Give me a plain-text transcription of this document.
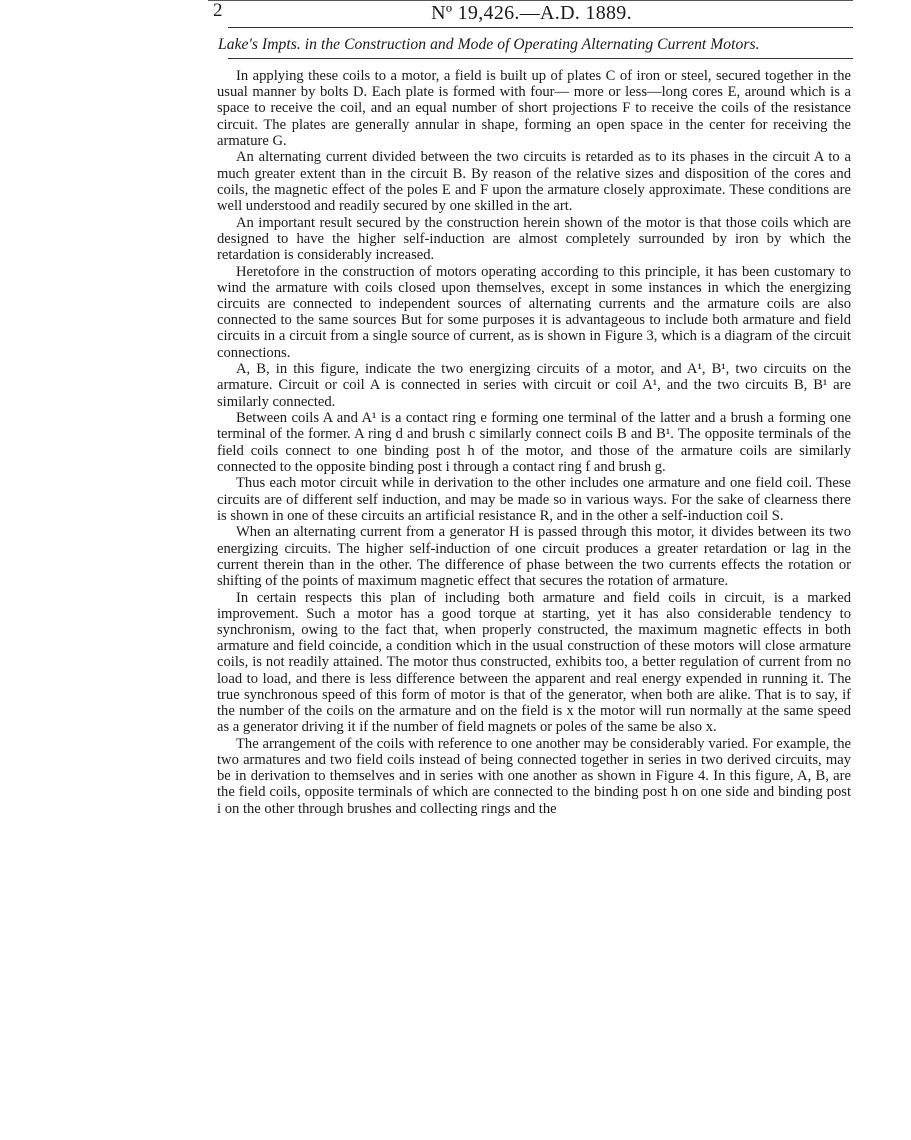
2	Nº 19,426.—A.D. 1889.
Lake's Impts. in the Construction and Mode of Operating Alternating Current Motors.

In applying these coils to a motor, a field is built up of plates C of iron or steel, secured together in the usual manner by bolts D. Each plate is formed with four— more or less—long cores E, around which is a space to receive the coil, and an equal number of short projections F to receive the coils of the resistance circuit. The plates are generally annular in shape, forming an open space in the center for receiving the armature G.

An alternating current divided between the two circuits is retarded as to its phases in the circuit A to a much greater extent than in the circuit B. By reason of the relative sizes and disposition of the cores and coils, the magnetic effect of the poles E and F upon the armature closely approximate. These conditions are well understood and readily secured by one skilled in the art.

An important result secured by the construction herein shown of the motor is that those coils which are designed to have the higher self-induction are almost completely surrounded by iron by which the retardation is considerably increased.

Heretofore in the construction of motors operating according to this principle, it has been customary to wind the armature with coils closed upon themselves, except in some instances in which the energizing circuits are connected to independent sources of alternating currents and the armature coils are also connected to the same sources But for some purposes it is advantageous to include both armature and field circuits in a circuit from a single source of current, as is shown in Figure 3, which is a diagram of the circuit connections.

A, B, in this figure, indicate the two energizing circuits of a motor, and A¹, B¹, two circuits on the armature. Circuit or coil A is connected in series with circuit or coil A¹, and the two circuits B, B¹ are similarly connected.

Between coils A and A¹ is a contact ring e forming one terminal of the latter and a brush a forming one terminal of the former. A ring d and brush c similarly connect coils B and B¹. The opposite terminals of the field coils connect to one binding post h of the motor, and those of the armature coils are similarly connected to the opposite binding post i through a contact ring f and brush g.

Thus each motor circuit while in derivation to the other includes one armature and one field coil. These circuits are of different self induction, and may be made so in various ways. For the sake of clearness there is shown in one of these circuits an artificial resistance R, and in the other a self-induction coil S.

When an alternating current from a generator H is passed through this motor, it divides between its two energizing circuits. The higher self-induction of one circuit produces a greater retardation or lag in the current therein than in the other. The difference of phase between the two currents effects the rotation or shifting of the points of maximum magnetic effect that secures the rotation of armature.

In certain respects this plan of including both armature and field coils in circuit, is a marked improvement. Such a motor has a good torque at starting, yet it has also considerable tendency to synchronism, owing to the fact that, when properly constructed, the maximum magnetic effects in both armature and field coincide, a condition which in the usual construction of these motors will close armature coils, is not readily attained. The motor thus constructed, exhibits too, a better regulation of current from no load to load, and there is less difference between the apparent and real energy expended in running it. The true synchronous speed of this form of motor is that of the generator, when both are alike. That is to say, if the number of the coils on the armature and on the field is x the motor will run normally at the same speed as a generator driving it if the number of field magnets or poles of the same be also x.

The arrangement of the coils with reference to one another may be considerably varied. For example, the two armatures and two field coils instead of being connected together in series in two derived circuits, may be in derivation to themselves and in series with one another as shown in Figure 4. In this figure, A, B, are the field coils, opposite terminals of which are connected to the binding post h on one side and binding post i on the other through brushes and collecting rings and the
